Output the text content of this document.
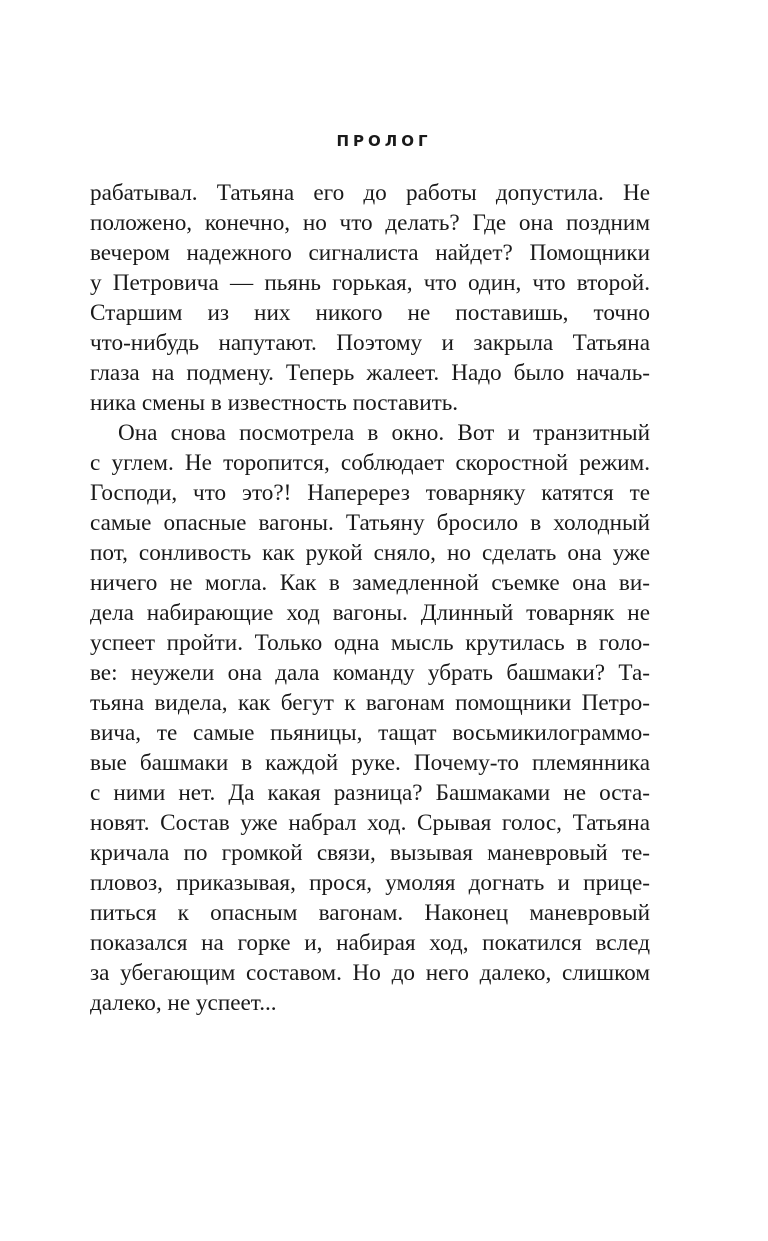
ПРОЛОГ
рабатывал. Татьяна его до работы допустила. Не
положено, конечно, но что делать? Где она поздним
вечером надежного сигналиста найдет? Помощники
у Петровича — пьянь горькая, что один, что второй.
Старшим из них никого не поставишь, точно
что-нибудь напутают. Поэтому и закрыла Татьяна
глаза на подмену. Теперь жалеет. Надо было началь-
ника смены в известность поставить.
Она снова посмотрела в окно. Вот и транзитный
с углем. Не торопится, соблюдает скоростной режим.
Господи, что это?! Наперерез товарняку катятся те
самые опасные вагоны. Татьяну бросило в холодный
пот, сонливость как рукой сняло, но сделать она уже
ничего не могла. Как в замедленной съемке она ви-
дела набирающие ход вагоны. Длинный товарняк не
успеет пройти. Только одна мысль крутилась в голо-
ве: неужели она дала команду убрать башмаки? Та-
тьяна видела, как бегут к вагонам помощники Петро-
вича, те самые пьяницы, тащат восьмикилограммо-
вые башмаки в каждой руке. Почему-то племянника
с ними нет. Да какая разница? Башмаками не оста-
новят. Состав уже набрал ход. Срывая голос, Татьяна
кричала по громкой связи, вызывая маневровый те-
пловоз, приказывая, прося, умоляя догнать и прице-
питься к опасным вагонам. Наконец маневровый
показался на горке и, набирая ход, покатился вслед
за убегающим составом. Но до него далеко, слишком
далеко, не успеет...
